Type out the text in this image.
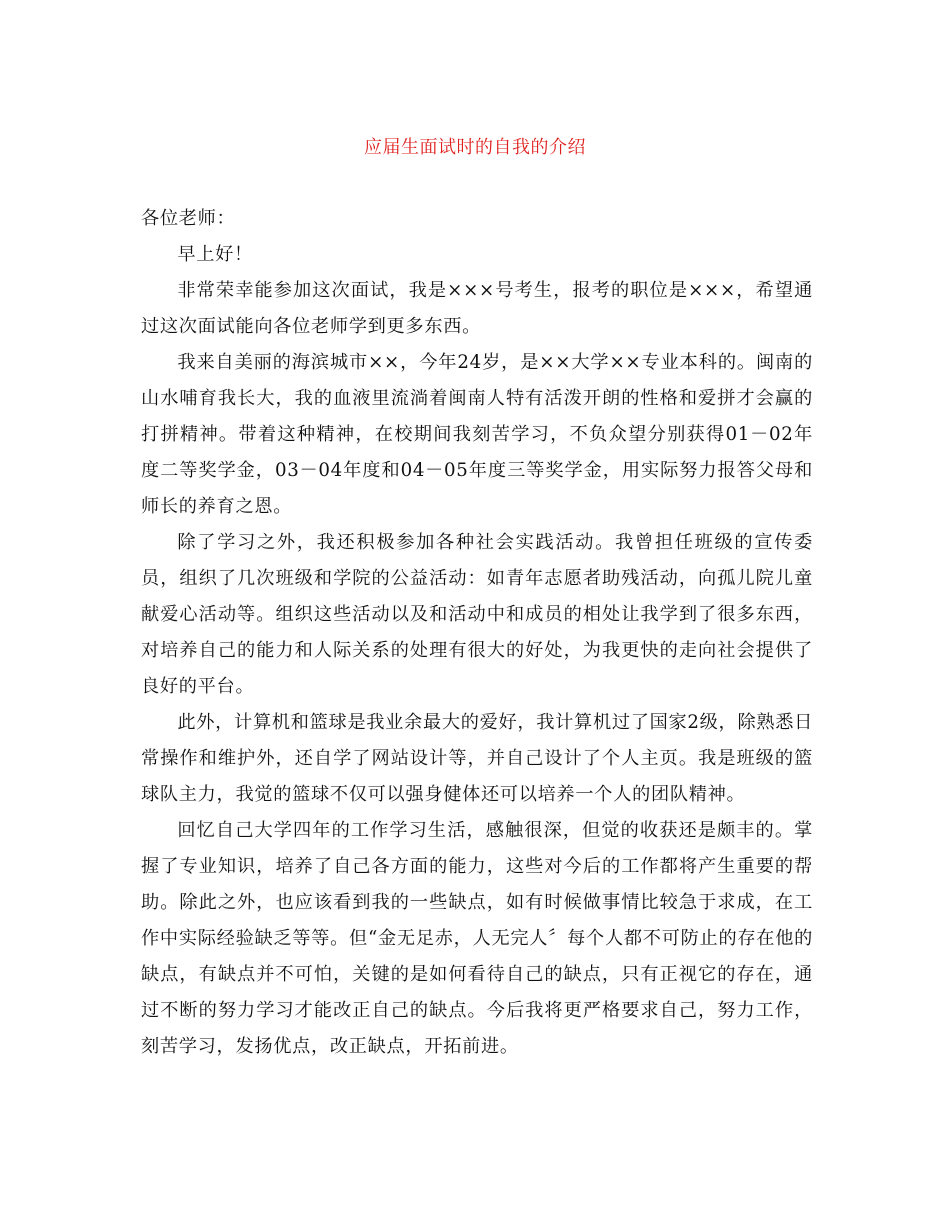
应届生面试时的自我的介绍

各位老师：

早上好！

非常荣幸能参加这次面试，我是×××号考生，报考的职位是×××，希望通过这次面试能向各位老师学到更多东西。

我来自美丽的海滨城市××，今年24岁，是××大学××专业本科的。闽南的山水哺育我长大，我的血液里流淌着闽南人特有活泼开朗的性格和爱拼才会赢的打拼精神。带着这种精神，在校期间我刻苦学习，不负众望分别获得01－02年度二等奖学金，03－04年度和04－05年度三等奖学金，用实际努力报答父母和师长的养育之恩。

除了学习之外，我还积极参加各种社会实践活动。我曾担任班级的宣传委员，组织了几次班级和学院的公益活动：如青年志愿者助残活动，向孤儿院儿童献爱心活动等。组织这些活动以及和活动中和成员的相处让我学到了很多东西，对培养自己的能力和人际关系的处理有很大的好处，为我更快的走向社会提供了良好的平台。

此外，计算机和篮球是我业余最大的爱好，我计算机过了国家2级，除熟悉日常操作和维护外，还自学了网站设计等，并自己设计了个人主页。我是班级的篮球队主力，我觉的篮球不仅可以强身健体还可以培养一个人的团队精神。

回忆自己大学四年的工作学习生活，感触很深，但觉的收获还是颇丰的。掌握了专业知识，培养了自己各方面的能力，这些对今后的工作都将产生重要的帮助。除此之外，也应该看到我的一些缺点，如有时候做事情比较急于求成，在工作中实际经验缺乏等等。但“金无足赤，人无完人〞每个人都不可防止的存在他的缺点，有缺点并不可怕，关键的是如何看待自己的缺点，只有正视它的存在，通过不断的努力学习才能改正自己的缺点。今后我将更严格要求自己，努力工作，刻苦学习，发扬优点，改正缺点，开拓前进。
